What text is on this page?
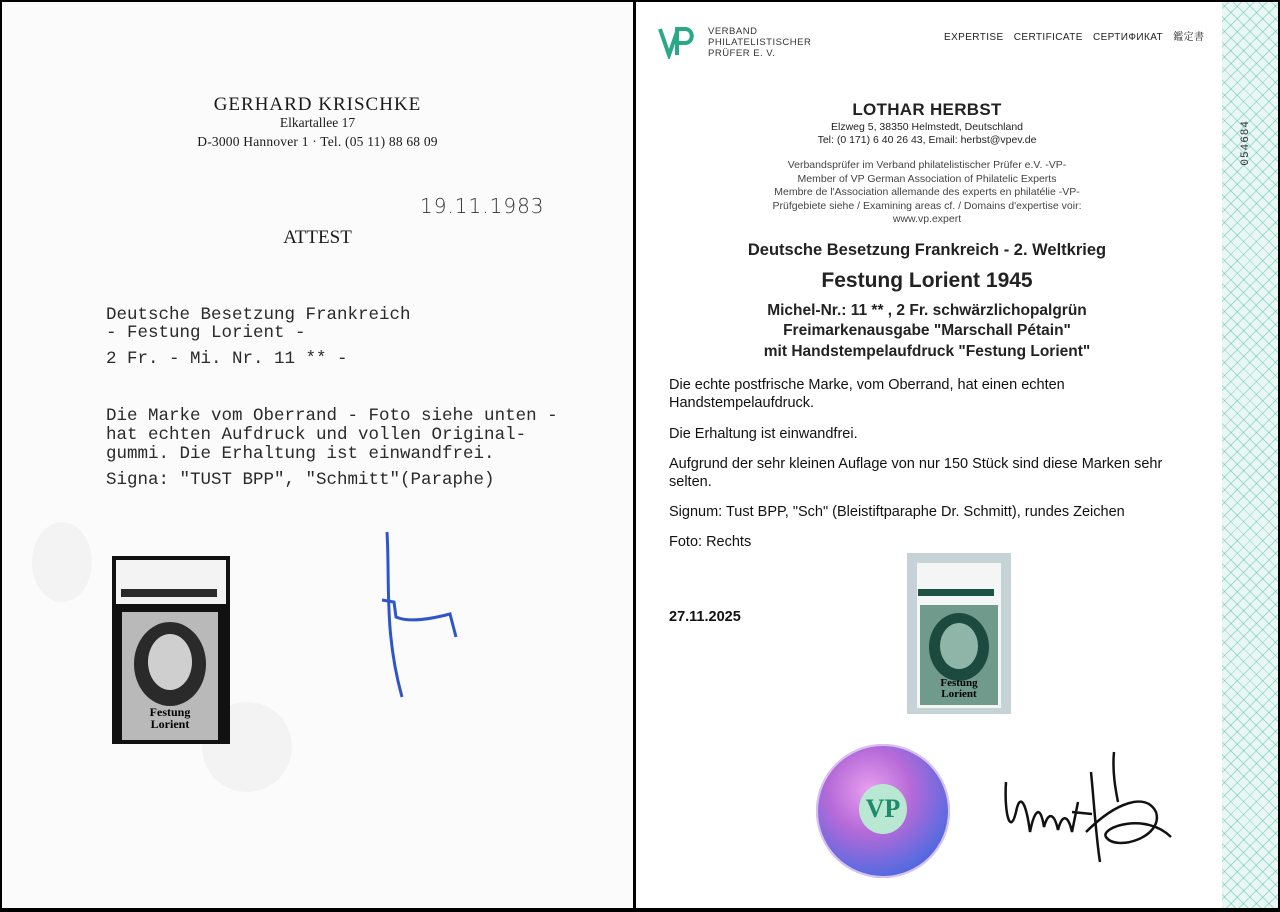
GERHARD KRISCHKE
Elkartallee 17
D-3000 Hannover 1 · Tel. (05 11) 88 68 09
19.11.1983
ATTEST
Deutsche Besetzung Frankreich
- Festung Lorient -
2 Fr. - Mi. Nr. 11 ** -
Die Marke vom Oberrand - Foto siehe unten -
hat echten Aufdruck und vollen Original-
gummi. Die Erhaltung ist einwandfrei.
Signa: "TUST BPP", "Schmitt"(Paraphe)
Festung
Lorient
VERBAND
PHILATELISTISCHER
PRÜFER E. V.
EXPERTISE CERTIFICATE СЕРТИФИКАТ 鑑定書
LOTHAR HERBST
Elzweg 5, 38350 Helmstedt, Deutschland
Tel: (0 171) 6 40 26 43, Email: herbst@vpev.de
Verbandsprüfer im Verband philatelistischer Prüfer e.V. -VP-
Member of VP German Association of Philatelic Experts
Membre de l'Association allemande des experts en philatélie -VP-
Prüfgebiete siehe / Examining areas cf. / Domains d'expertise voir:
www.vp.expert
Deutsche Besetzung Frankreich - 2. Weltkrieg
Festung Lorient 1945
Michel-Nr.: 11 ** , 2 Fr. schwärzlichopalgrün
Freimarkenausgabe "Marschall Pétain"
mit Handstempelaufdruck "Festung Lorient"
Die echte postfrische Marke, vom Oberrand, hat einen echten Handstempelaufdruck.
Die Erhaltung ist einwandfrei.
Aufgrund der sehr kleinen Auflage von nur 150 Stück sind diese Marken sehr selten.
Signum: Tust BPP, "Sch" (Bleistiftparaphe Dr. Schmitt), rundes Zeichen
Foto: Rechts
27.11.2025
Festung
Lorient
VP
054684
